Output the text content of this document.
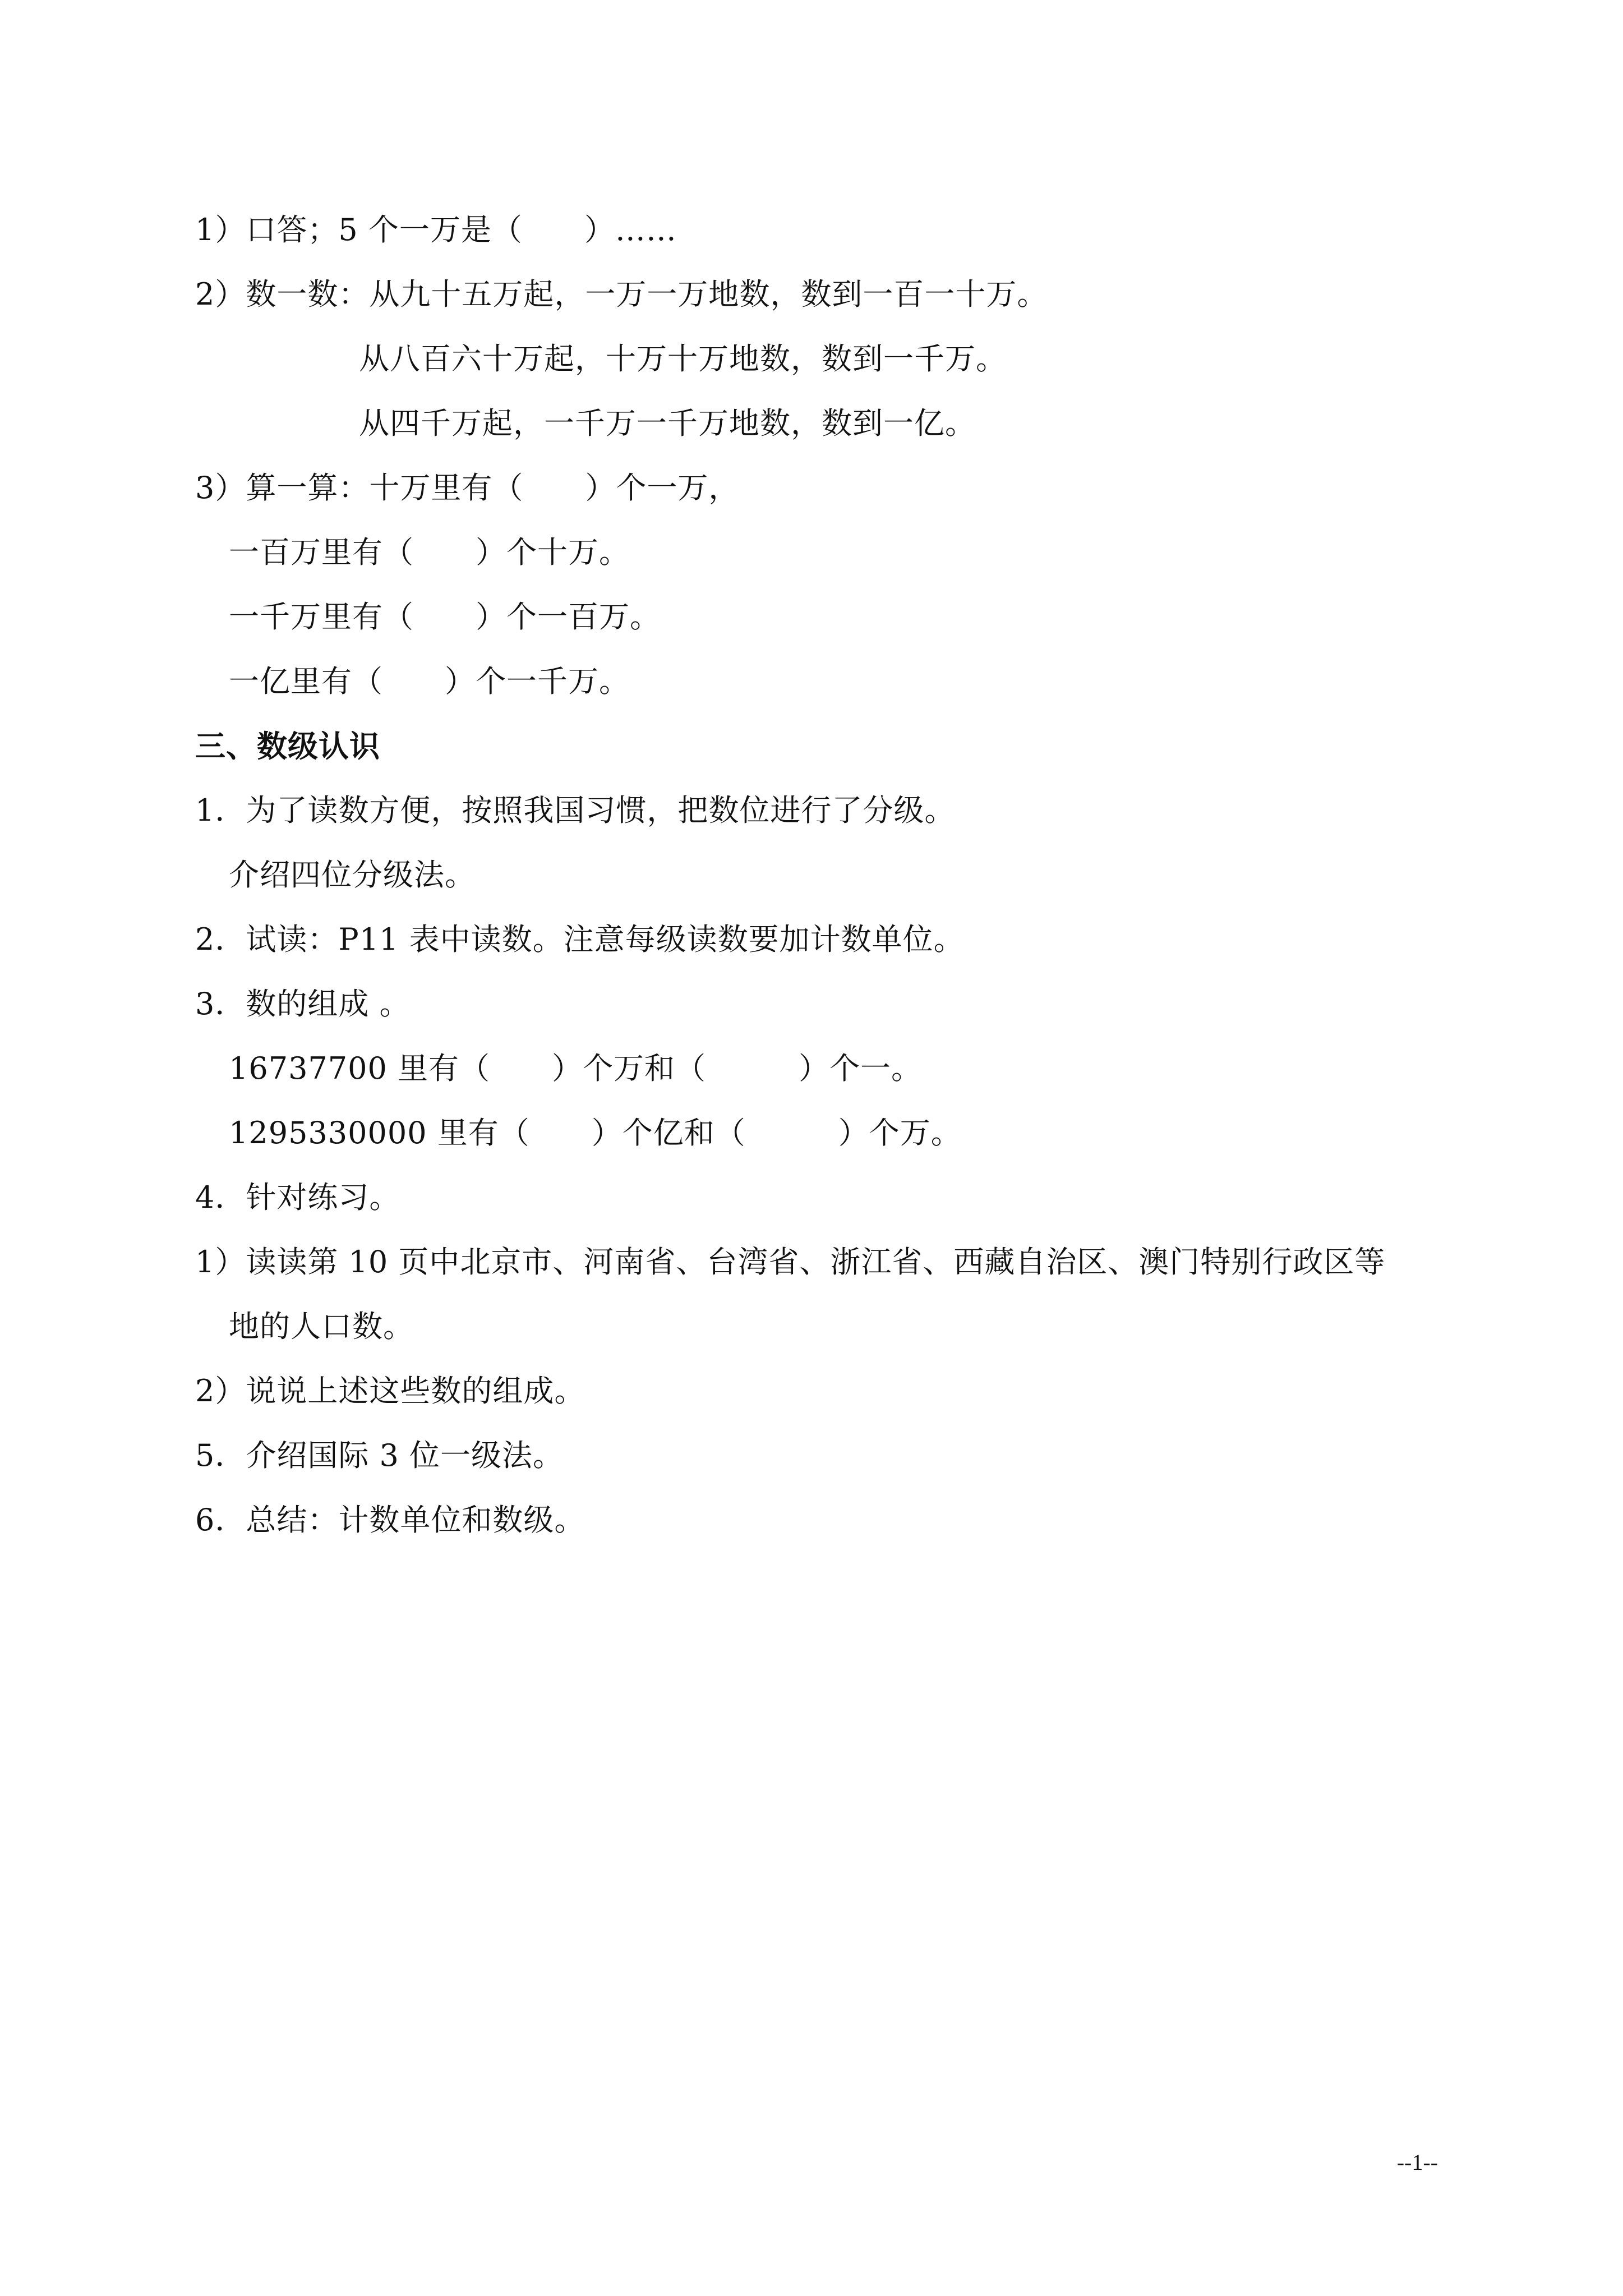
1）口答；5 个一万是（　　）……
2）数一数：从九十五万起，一万一万地数，数到一百一十万。
从八百六十万起，十万十万地数，数到一千万。
从四千万起，一千万一千万地数，数到一亿。
3）算一算：十万里有（　　）个一万，
一百万里有（　　）个十万。
一千万里有（　　）个一百万。
一亿里有（　　）个一千万。
三、数级认识
1．为了读数方便，按照我国习惯，把数位进行了分级。
介绍四位分级法。
2．试读：P11 表中读数。注意每级读数要加计数单位。
3．数的组成 。
16737700 里有（　　）个万和（　　　）个一。
1295330000 里有（　　）个亿和（　　　）个万。
4．针对练习。
1）读读第 10 页中北京市、河南省、台湾省、浙江省、西藏自治区、澳门特别行政区等
地的人口数。
2）说说上述这些数的组成。
5．介绍国际 3 位一级法。
6．总结：计数单位和数级。
--1--
